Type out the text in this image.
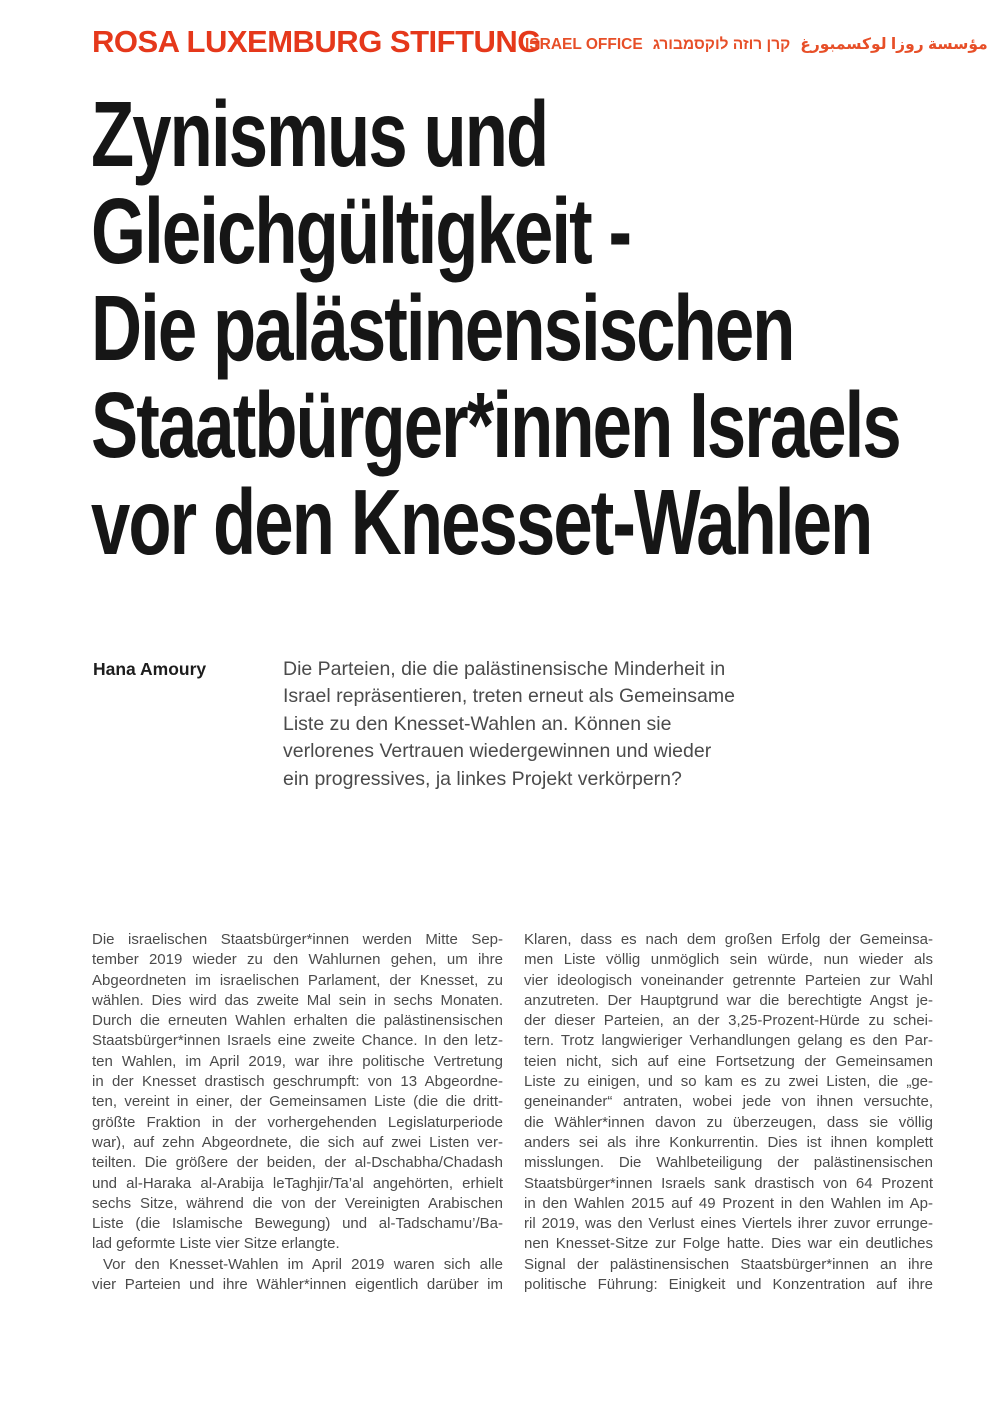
ROSA LUXEMBURG STIFTUNG
ISRAEL OFFICE קרן רוזה לוקסמבורג مؤسسة روزا لوكسمبورغ
Zynismus und
Gleichgültigkeit -
Die palästinensischen
Staatbürger*innen Israels
vor den Knesset-Wahlen
Hana Amoury	Die Parteien, die die palästinensische Minderheit in
Israel repräsentieren, treten erneut als Gemeinsame
Liste zu den Knesset-Wahlen an. Können sie
verlorenes Vertrauen wiedergewinnen und wieder
ein progressives, ja linkes Projekt verkörpern?
Die israelischen Staatsbürger*innen werden Mitte Sep-
tember 2019 wieder zu den Wahlurnen gehen, um ihre
Abgeordneten im israelischen Parlament, der Knesset, zu
wählen. Dies wird das zweite Mal sein in sechs Monaten.
Durch die erneuten Wahlen erhalten die palästinensischen
Staatsbürger*innen Israels eine zweite Chance. In den letz-
ten Wahlen, im April 2019, war ihre politische Vertretung
in der Knesset drastisch geschrumpft: von 13 Abgeordne-
ten, vereint in einer, der Gemeinsamen Liste (die die dritt-
größte Fraktion in der vorhergehenden Legislaturperiode
war), auf zehn Abgeordnete, die sich auf zwei Listen ver-
teilten. Die größere der beiden, der al-Dschabha/Chadash
und al-Haraka al-Arabija leTaghjir/Ta’al angehörten, erhielt
sechs Sitze, während die von der Vereinigten Arabischen
Liste (die Islamische Bewegung) und al-Tadschamu’/Ba-
lad geformte Liste vier Sitze erlangte.
Vor den Knesset-Wahlen im April 2019 waren sich alle
vier Parteien und ihre Wähler*innen eigentlich darüber im
Klaren, dass es nach dem großen Erfolg der Gemeinsa-
men Liste völlig unmöglich sein würde, nun wieder als
vier ideologisch voneinander getrennte Parteien zur Wahl
anzutreten. Der Hauptgrund war die berechtigte Angst je-
der dieser Parteien, an der 3,25-Prozent-Hürde zu schei-
tern. Trotz langwieriger Verhandlungen gelang es den Par-
teien nicht, sich auf eine Fortsetzung der Gemeinsamen
Liste zu einigen, und so kam es zu zwei Listen, die „ge-
geneinander“ antraten, wobei jede von ihnen versuchte,
die Wähler*innen davon zu überzeugen, dass sie völlig
anders sei als ihre Konkurrentin. Dies ist ihnen komplett
misslungen. Die Wahlbeteiligung der palästinensischen
Staatsbürger*innen Israels sank drastisch von 64 Prozent
in den Wahlen 2015 auf 49 Prozent in den Wahlen im Ap-
ril 2019, was den Verlust eines Viertels ihrer zuvor errunge-
nen Knesset-Sitze zur Folge hatte. Dies war ein deutliches
Signal der palästinensischen Staatsbürger*innen an ihre
politische Führung: Einigkeit und Konzentration auf ihre
